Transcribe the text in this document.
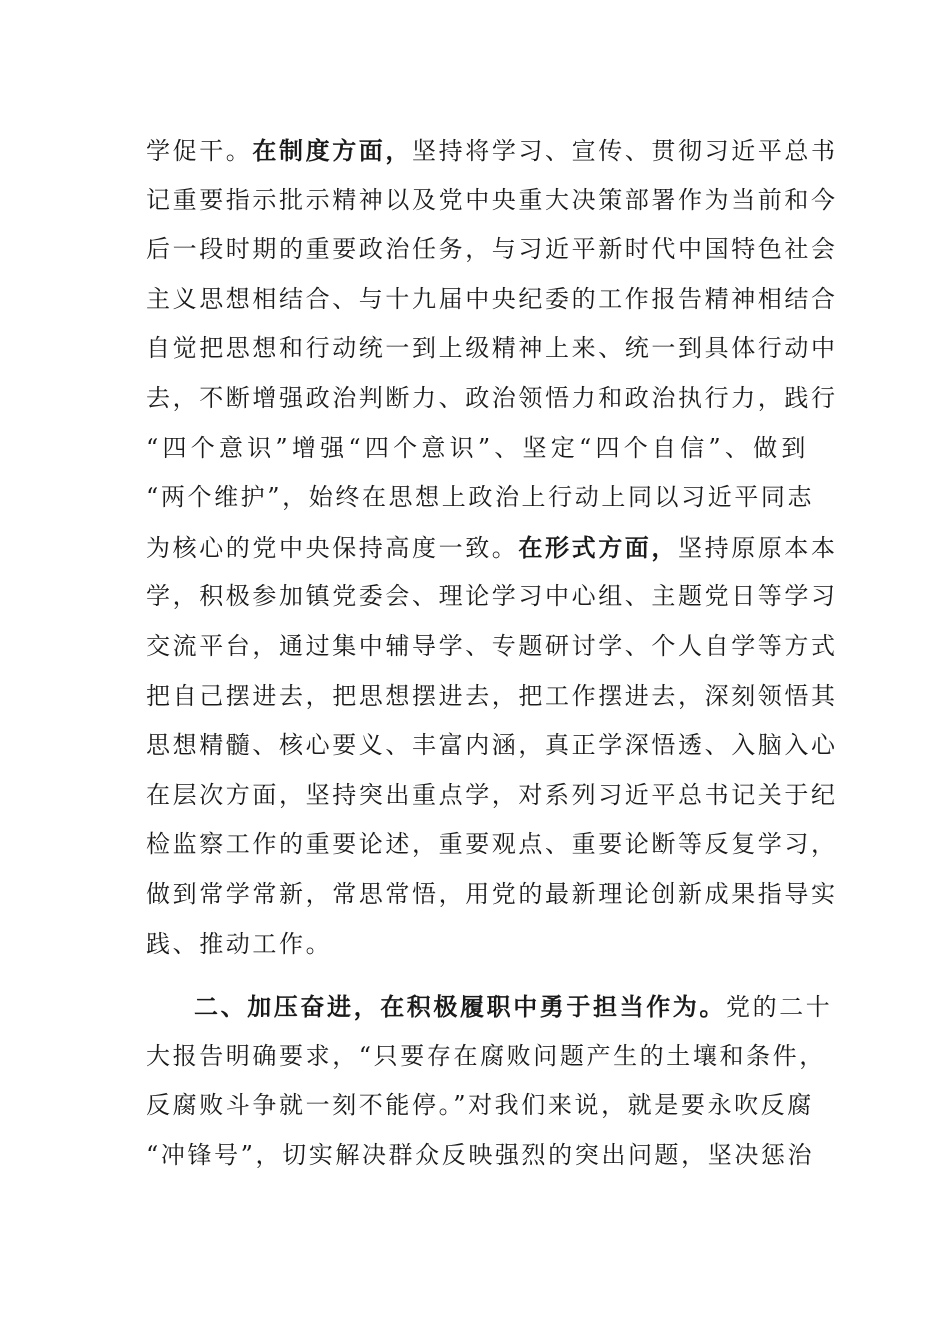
学促干。在制度方面，坚持将学习、宣传、贯彻习近平总书
记重要指示批示精神以及党中央重大决策部署作为当前和今
后一段时期的重要政治任务，与习近平新时代中国特色社会
主义思想相结合、与十九届中央纪委的工作报告精神相结合
自觉把思想和行动统一到上级精神上来、统一到具体行动中
去，不断增强政治判断力、政治领悟力和政治执行力，践行
“四个意识”增强“四个意识”、坚定“四个自信”、做到
“两个维护”，始终在思想上政治上行动上同以习近平同志
为核心的党中央保持高度一致。在形式方面，坚持原原本本
学，积极参加镇党委会、理论学习中心组、主题党日等学习
交流平台，通过集中辅导学、专题研讨学、个人自学等方式
把自己摆进去，把思想摆进去，把工作摆进去，深刻领悟其
思想精髓、核心要义、丰富内涵，真正学深悟透、入脑入心
在层次方面，坚持突出重点学，对系列习近平总书记关于纪
检监察工作的重要论述，重要观点、重要论断等反复学习，
做到常学常新，常思常悟，用党的最新理论创新成果指导实
践、推动工作。
二、加压奋进，在积极履职中勇于担当作为。党的二十
大报告明确要求，“只要存在腐败问题产生的土壤和条件，
反腐败斗争就一刻不能停。”对我们来说，就是要永吹反腐
“冲锋号”，切实解决群众反映强烈的突出问题，坚决惩治
